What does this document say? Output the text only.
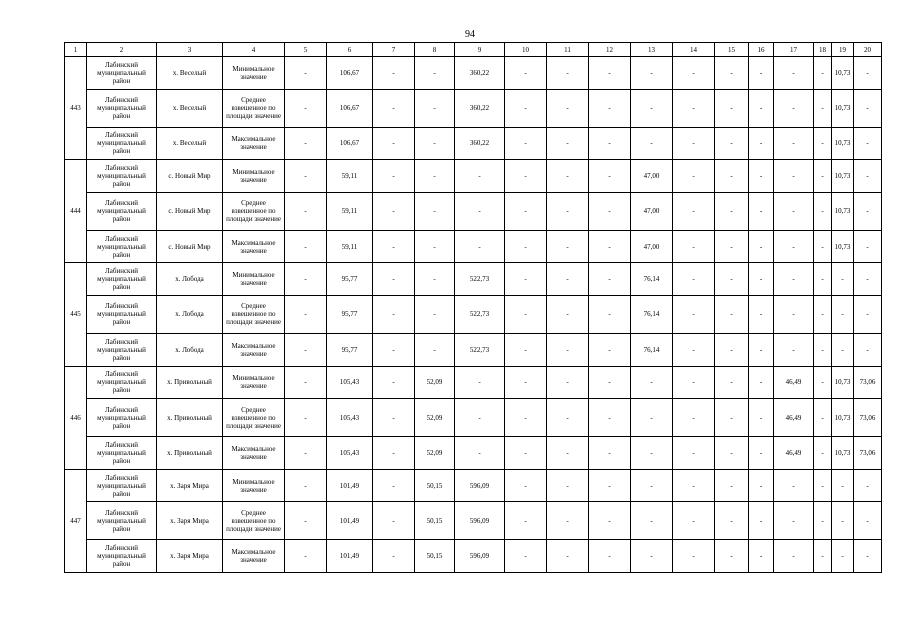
94
1	2	3	4	5	6	7	8	9	10	11	12	13	14	15	16	17	18	19	20
443	Лабинский муниципальный район	х. Веселый	Минимальное значение	-	106,67	-	-	360,22	-	-	-	-	-	-	-	-	-	10,73	-
	Лабинский муниципальный район	х. Веселый	Среднее взвешенное по площади значение	-	106,67	-	-	360,22	-	-	-	-	-	-	-	-	-	10,73	-
	Лабинский муниципальный район	х. Веселый	Максимальное значение	-	106,67	-	-	360,22	-	-	-	-	-	-	-	-	-	10,73	-
444	Лабинский муниципальный район	с. Новый Мир	Минимальное значение	-	59,11	-	-	-	-	-	-	47,00	-	-	-	-	-	10,73	-
	Лабинский муниципальный район	с. Новый Мир	Среднее взвешенное по площади значение	-	59,11	-	-	-	-	-	-	47,00	-	-	-	-	-	10,73	-
	Лабинский муниципальный район	с. Новый Мир	Максимальное значение	-	59,11	-	-	-	-	-	-	47,00	-	-	-	-	-	10,73	-
445	Лабинский муниципальный район	х. Лобода	Минимальное значение	-	95,77	-	-	522,73	-	-	-	76,14	-	-	-	-	-	-	-
	Лабинский муниципальный район	х. Лобода	Среднее взвешенное по площади значение	-	95,77	-	-	522,73	-	-	-	76,14	-	-	-	-	-	-	-
	Лабинский муниципальный район	х. Лобода	Максимальное значение	-	95,77	-	-	522,73	-	-	-	76,14	-	-	-	-	-	-	-
446	Лабинский муниципальный район	х. Привольный	Минимальное значение	-	105,43	-	52,09	-	-	-	-	-	-	-	-	46,49	-	10,73	73,06
	Лабинский муниципальный район	х. Привольный	Среднее взвешенное по площади значение	-	105,43	-	52,09	-	-	-	-	-	-	-	-	46,49	-	10,73	73,06
	Лабинский муниципальный район	х. Привольный	Максимальное значение	-	105,43	-	52,09	-	-	-	-	-	-	-	-	46,49	-	10,73	73,06
447	Лабинский муниципальный район	х. Заря Мира	Минимальное значение	-	101,49	-	50,15	596,09	-	-	-	-	-	-	-	-	-	-	-
	Лабинский муниципальный район	х. Заря Мира	Среднее взвешенное по площади значение	-	101,49	-	50,15	596,09	-	-	-	-	-	-	-	-	-	-	-
	Лабинский муниципальный район	х. Заря Мира	Максимальное значение	-	101,49	-	50,15	596,09	-	-	-	-	-	-	-	-	-	-	-
